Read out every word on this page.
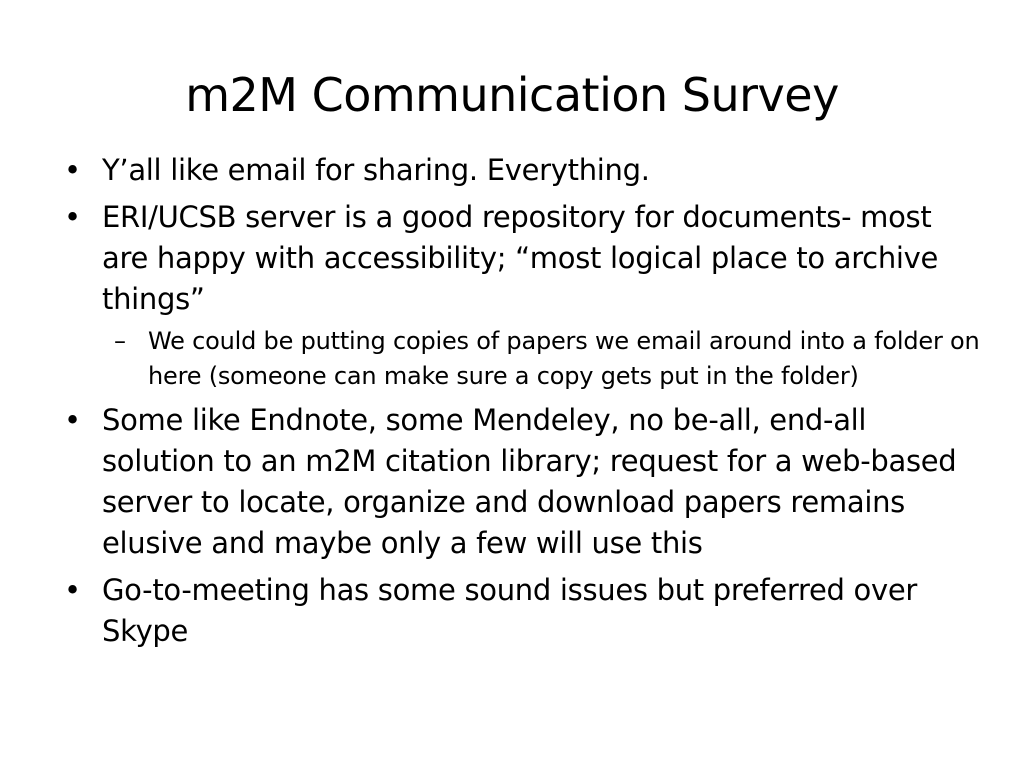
m2M Communication Survey
• Y’all like email for sharing. Everything.
• ERI/UCSB server is a good repository for documents- most are happy with accessibility; “most logical place to archive things”
– We could be putting copies of papers we email around into a folder on here (someone can make sure a copy gets put in the folder)
• Some like Endnote, some Mendeley, no be-all, end-all solution to an m2M citation library; request for a web-based server to locate, organize and download papers remains elusive and maybe only a few will use this
• Go-to-meeting has some sound issues but preferred over Skype
